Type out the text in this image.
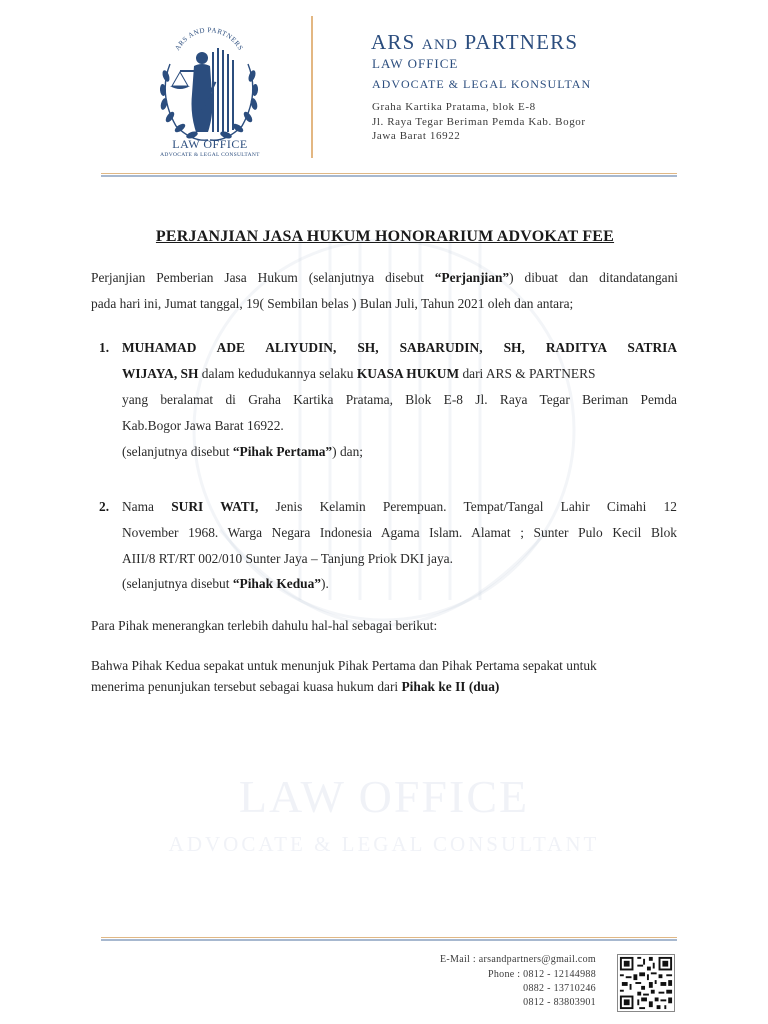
LAW OFFICE
ADVOCATE & LEGAL CONSULTANT
ARS AND PARTNERS
LAW OFFICE
ADVOCATE & LEGAL CONSULTANT
ARS AND PARTNERS
LAW OFFICE
ADVOCATE & LEGAL KONSULTAN
Graha Kartika Pratama, blok E-8
Jl. Raya Tegar Beriman Pemda Kab. Bogor
Jawa Barat 16922
PERJANJIAN JASA HUKUM HONORARIUM ADVOKAT FEE
Perjanjian Pemberian Jasa Hukum (selanjutnya disebut “Perjanjian”) dibuat dan ditandatangani
pada hari ini, Jumat tanggal, 19( Sembilan belas ) Bulan Juli, Tahun 2021 oleh dan antara;
1. MUHAMAD ADE ALIYUDIN, SH, SABARUDIN, SH, RADITYA SATRIA
WIJAYA, SH dalam kedudukannya selaku KUASA HUKUM dari ARS & PARTNERS
yang beralamat di Graha Kartika Pratama, Blok E-8 Jl. Raya Tegar Beriman Pemda
Kab.Bogor Jawa Barat 16922.
(selanjutnya disebut “Pihak Pertama”) dan;
2. Nama SURI WATI, Jenis Kelamin Perempuan. Tempat/Tangal Lahir Cimahi 12
November 1968. Warga Negara Indonesia Agama Islam. Alamat ; Sunter Pulo Kecil Blok
AIII/8 RT/RT 002/010 Sunter Jaya – Tanjung Priok DKI jaya.
(selanjutnya disebut “Pihak Kedua”).
Para Pihak menerangkan terlebih dahulu hal-hal sebagai berikut:
Bahwa Pihak Kedua sepakat untuk menunjuk Pihak Pertama dan Pihak Pertama sepakat untuk
menerima penunjukan tersebut sebagai kuasa hukum dari Pihak ke II (dua)
E-Mail : arsandpartners@gmail.com
Phone : 0812 - 12144988
0882 - 13710246
0812 - 83803901
